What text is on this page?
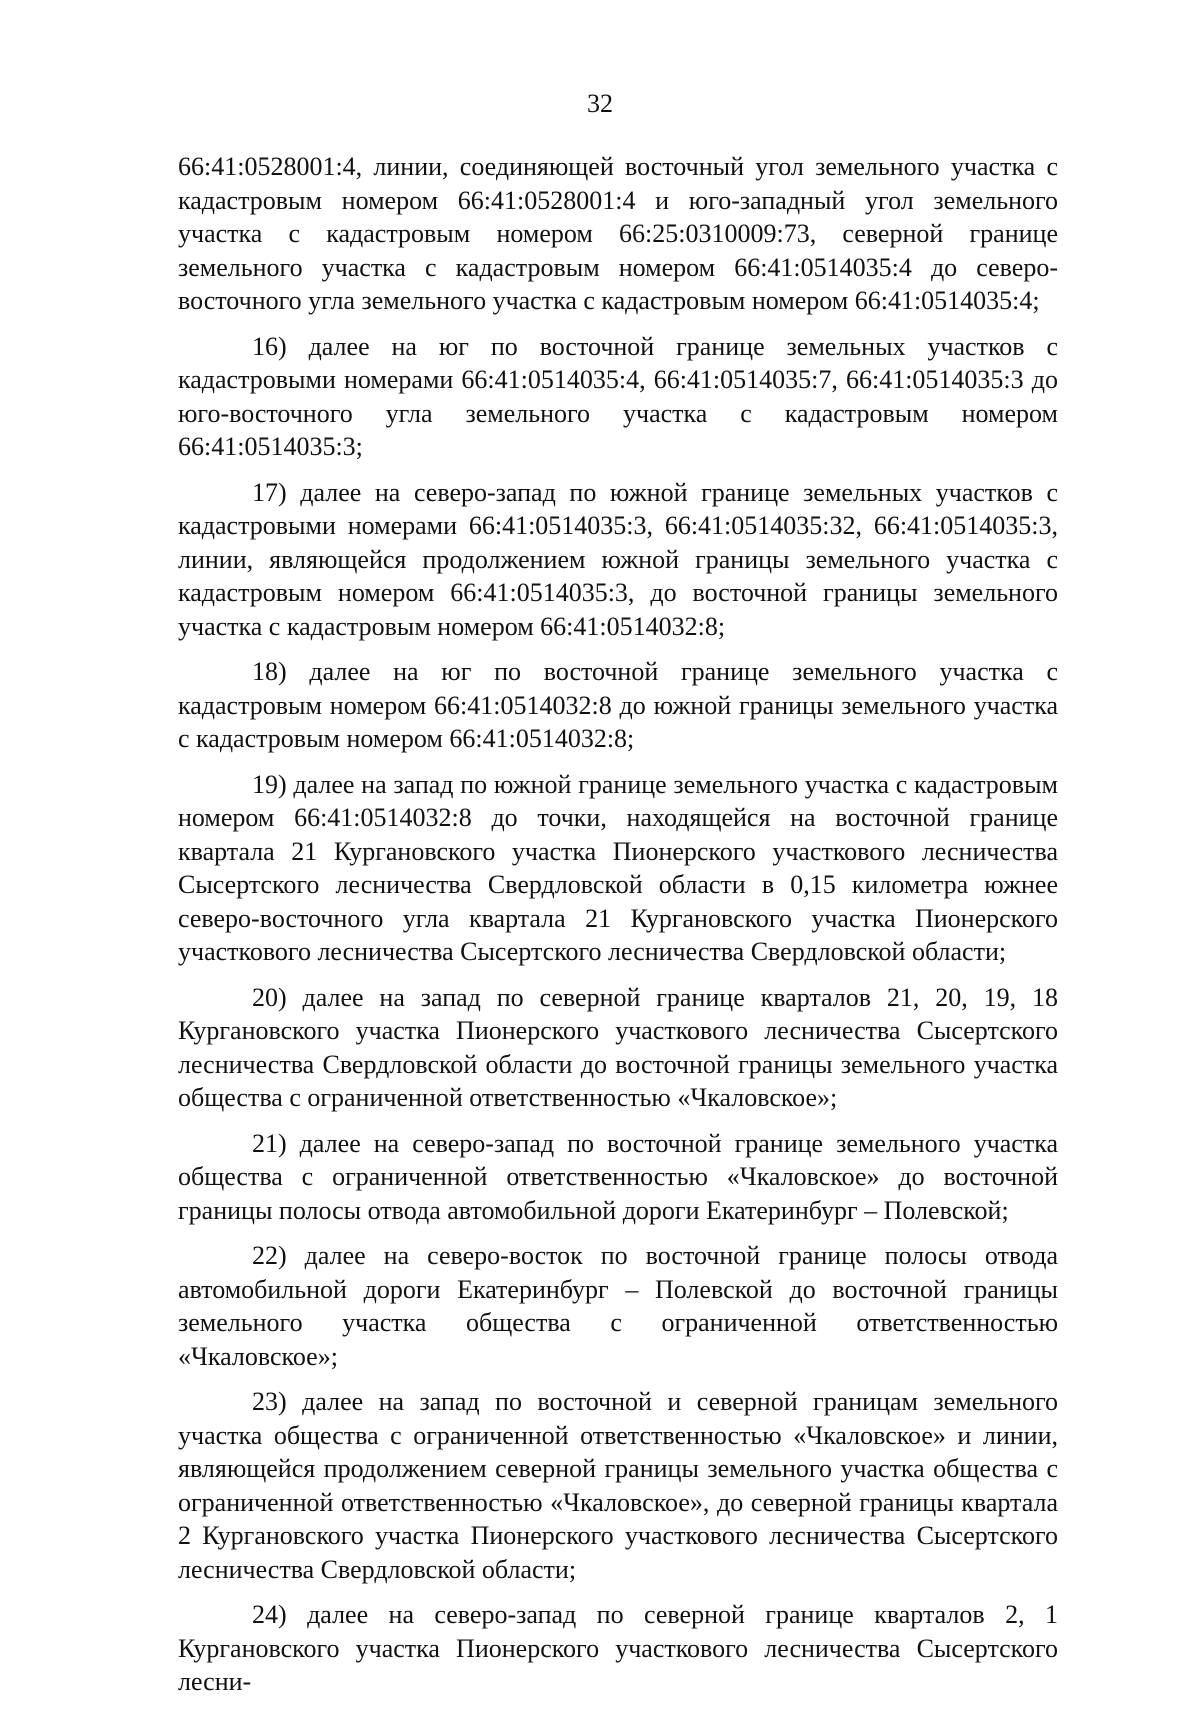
32

66:41:0528001:4, линии, соединяющей восточный угол земельного участка с кадастровым номером 66:41:0528001:4 и юго-западный угол земельного участка с кадастровым номером 66:25:0310009:73, северной границе земельного участка с кадастровым номером 66:41:0514035:4 до северо-восточного угла земельного участка с кадастровым номером 66:41:0514035:4;

16) далее на юг по восточной границе земельных участков с кадастровыми номерами 66:41:0514035:4, 66:41:0514035:7, 66:41:0514035:3 до юго-восточного угла земельного участка с кадастровым номером 66:41:0514035:3;

17) далее на северо-запад по южной границе земельных участков с кадастровыми номерами 66:41:0514035:3, 66:41:0514035:32, 66:41:0514035:3, линии, являющейся продолжением южной границы земельного участка с кадастровым номером 66:41:0514035:3, до восточной границы земельного участка с кадастровым номером 66:41:0514032:8;

18) далее на юг по восточной границе земельного участка с кадастровым номером 66:41:0514032:8 до южной границы земельного участка с кадастровым номером 66:41:0514032:8;

19) далее на запад по южной границе земельного участка с кадастровым номером 66:41:0514032:8 до точки, находящейся на восточной границе квартала 21 Кургановского участка Пионерского участкового лесничества Сысертского лесничества Свердловской области в 0,15 километра южнее северо-восточного угла квартала 21 Кургановского участка Пионерского участкового лесничества Сысертского лесничества Свердловской области;

20) далее на запад по северной границе кварталов 21, 20, 19, 18 Кургановского участка Пионерского участкового лесничества Сысертского лесничества Свердловской области до восточной границы земельного участка общества с ограниченной ответственностью «Чкаловское»;

21) далее на северо-запад по восточной границе земельного участка общества с ограниченной ответственностью «Чкаловское» до восточной границы полосы отвода автомобильной дороги Екатеринбург – Полевской;

22) далее на северо-восток по восточной границе полосы отвода автомобильной дороги Екатеринбург – Полевской до восточной границы земельного участка общества с ограниченной ответственностью «Чкаловское»;

23) далее на запад по восточной и северной границам земельного участка общества с ограниченной ответственностью «Чкаловское» и линии, являющейся продолжением северной границы земельного участка общества с ограниченной ответственностью «Чкаловское», до северной границы квартала 2 Кургановского участка Пионерского участкового лесничества Сысертского лесничества Свердловской области;

24) далее на северо-запад по северной границе кварталов 2, 1 Кургановского участка Пионерского участкового лесничества Сысертского лесни-
